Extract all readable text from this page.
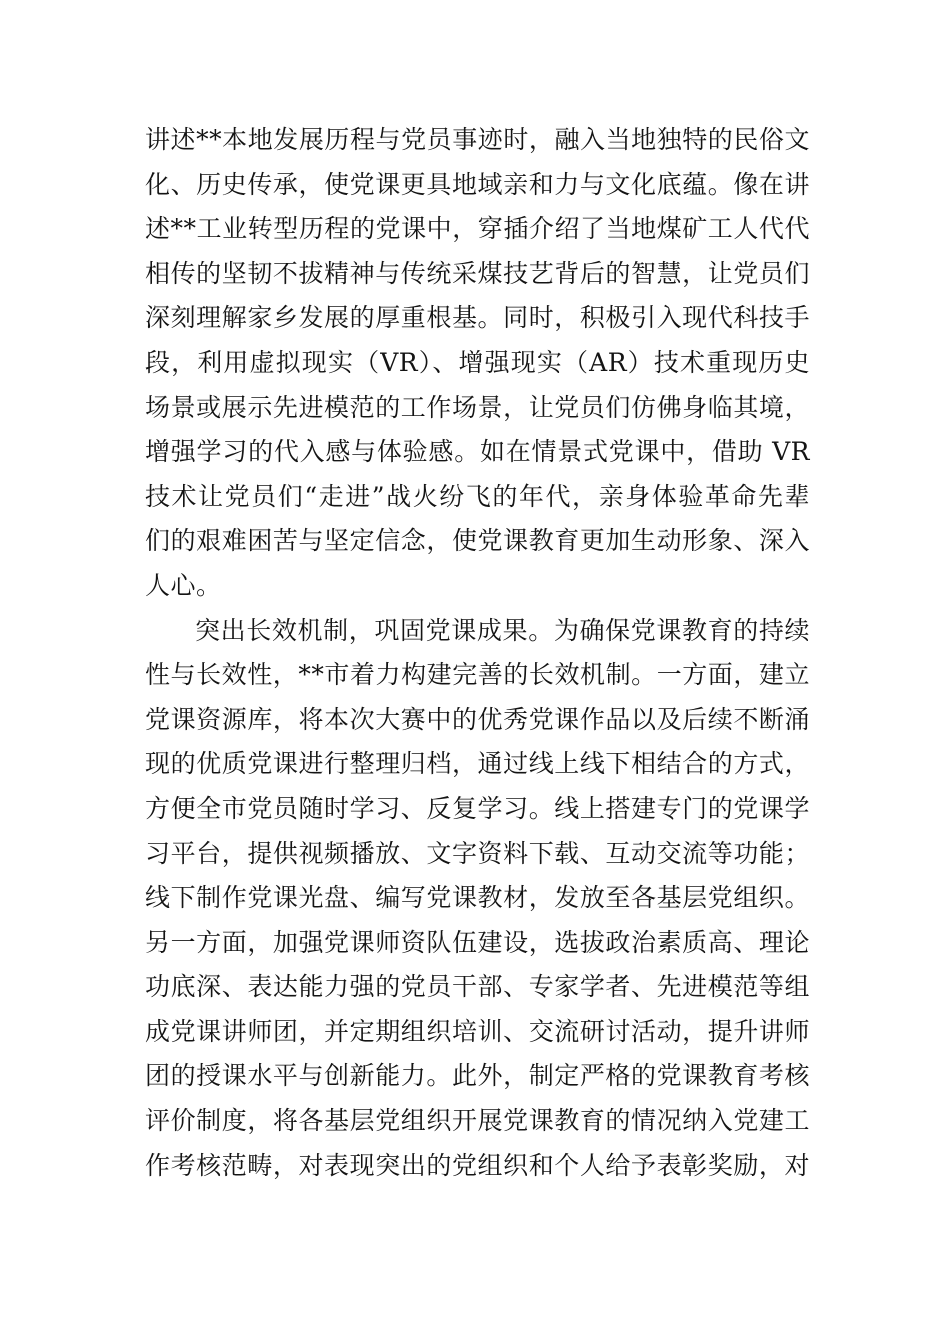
讲述**本地发展历程与党员事迹时，融入当地独特的民俗文
化、历史传承，使党课更具地域亲和力与文化底蕴。像在讲
述**工业转型历程的党课中，穿插介绍了当地煤矿工人代代
相传的坚韧不拔精神与传统采煤技艺背后的智慧，让党员们
深刻理解家乡发展的厚重根基。同时，积极引入现代科技手
段，利用虚拟现实（VR）、增强现实（AR）技术重现历史
场景或展示先进模范的工作场景，让党员们仿佛身临其境，
增强学习的代入感与体验感。如在情景式党课中，借助 VR
技术让党员们“走进”战火纷飞的年代，亲身体验革命先辈
们的艰难困苦与坚定信念，使党课教育更加生动形象、深入
人心。
突出长效机制，巩固党课成果。为确保党课教育的持续
性与长效性，**市着力构建完善的长效机制。一方面，建立
党课资源库，将本次大赛中的优秀党课作品以及后续不断涌
现的优质党课进行整理归档，通过线上线下相结合的方式，
方便全市党员随时学习、反复学习。线上搭建专门的党课学
习平台，提供视频播放、文字资料下载、互动交流等功能；
线下制作党课光盘、编写党课教材，发放至各基层党组织。
另一方面，加强党课师资队伍建设，选拔政治素质高、理论
功底深、表达能力强的党员干部、专家学者、先进模范等组
成党课讲师团，并定期组织培训、交流研讨活动，提升讲师
团的授课水平与创新能力。此外，制定严格的党课教育考核
评价制度，将各基层党组织开展党课教育的情况纳入党建工
作考核范畴，对表现突出的党组织和个人给予表彰奖励，对
